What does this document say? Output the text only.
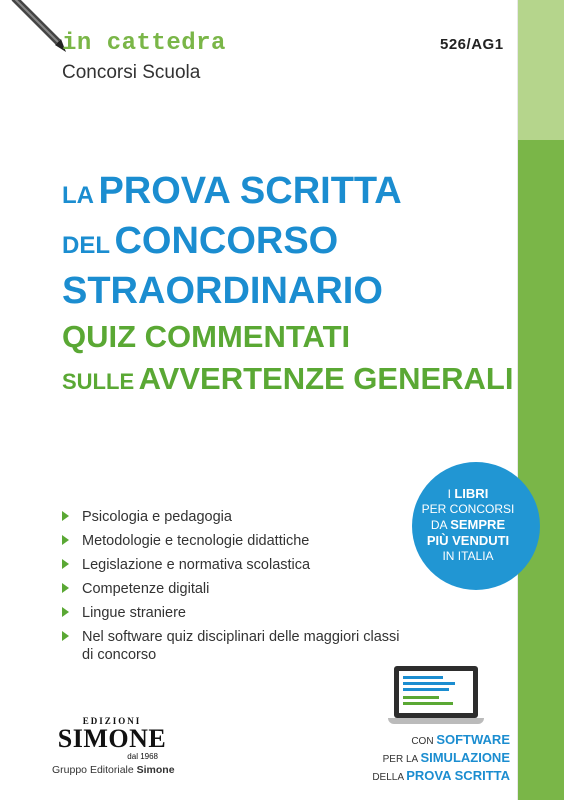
in cattedra
Concorsi Scuola
526/AG1
LA PROVA SCRITTA
DEL CONCORSO
STRAORDINARIO
QUIZ COMMENTATI
SULLE AVVERTENZE GENERALI
I LIBRI
PER CONCORSI
DA SEMPRE
PIÙ VENDUTI
IN ITALIA
Psicologia e pedagogia
Metodologie e tecnologie didattiche
Legislazione e normativa scolastica
Competenze digitali
Lingue straniere
Nel software quiz disciplinari delle maggiori classi di concorso
EDIZIONI
SIMONE
dal 1968
Gruppo Editoriale Simone
CON SOFTWARE
PER LA SIMULAZIONE
DELLA PROVA SCRITTA
